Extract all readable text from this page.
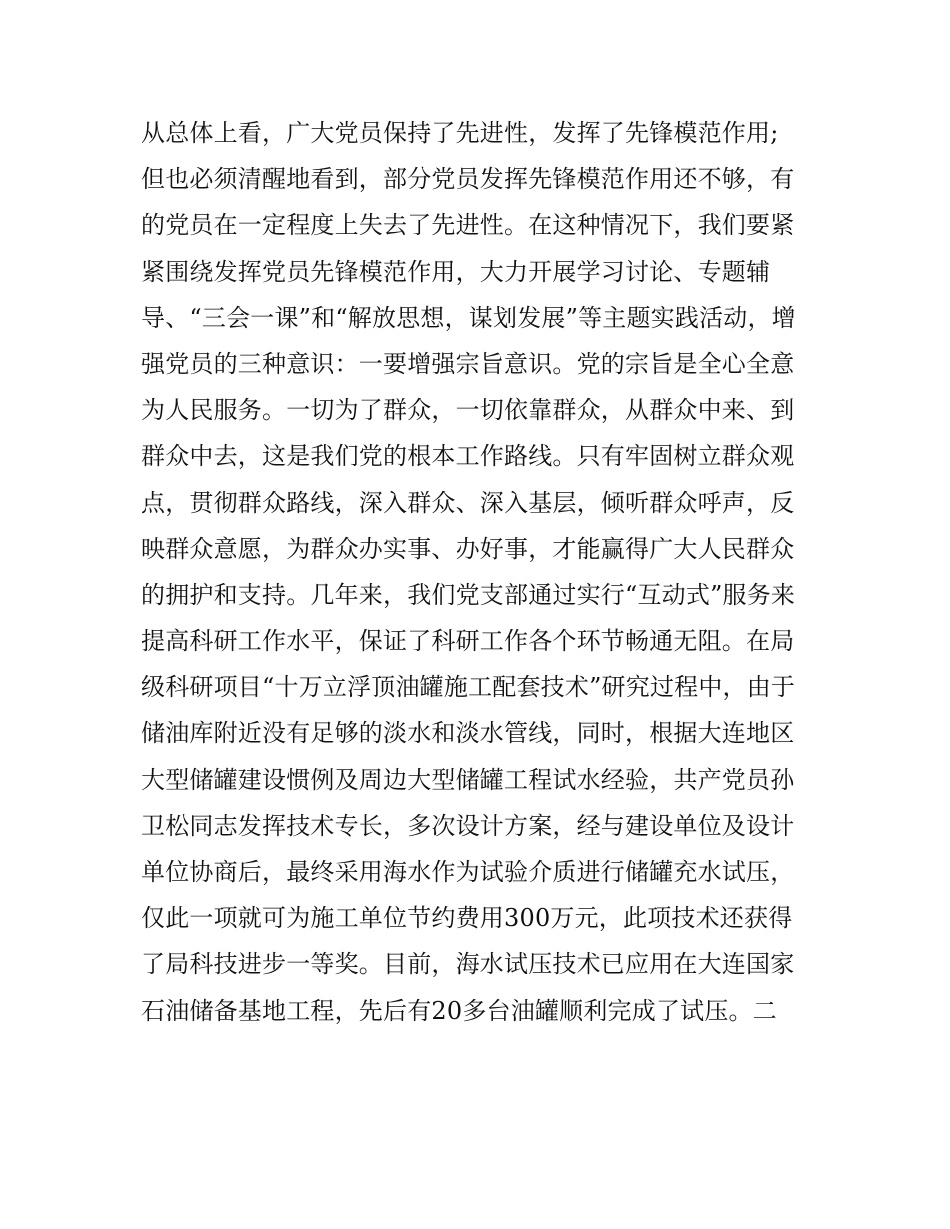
从总体上看，广大党员保持了先进性，发挥了先锋模范作用;
但也必须清醒地看到，部分党员发挥先锋模范作用还不够，有
的党员在一定程度上失去了先进性。在这种情况下，我们要紧
紧围绕发挥党员先锋模范作用，大力开展学习讨论、专题辅
导、“三会一课”和“解放思想，谋划发展”等主题实践活动，增
强党员的三种意识：一要增强宗旨意识。党的宗旨是全心全意
为人民服务。一切为了群众，一切依靠群众，从群众中来、到
群众中去，这是我们党的根本工作路线。只有牢固树立群众观
点，贯彻群众路线，深入群众、深入基层，倾听群众呼声，反
映群众意愿，为群众办实事、办好事，才能赢得广大人民群众
的拥护和支持。几年来，我们党支部通过实行“互动式”服务来
提高科研工作水平，保证了科研工作各个环节畅通无阻。在局
级科研项目“十万立浮顶油罐施工配套技术”研究过程中，由于
储油库附近没有足够的淡水和淡水管线，同时，根据大连地区
大型储罐建设惯例及周边大型储罐工程试水经验，共产党员孙
卫松同志发挥技术专长，多次设计方案，经与建设单位及设计
单位协商后，最终采用海水作为试验介质进行储罐充水试压，
仅此一项就可为施工单位节约费用300万元，此项技术还获得
了局科技进步一等奖。目前，海水试压技术已应用在大连国家
石油储备基地工程，先后有20多台油罐顺利完成了试压。二
